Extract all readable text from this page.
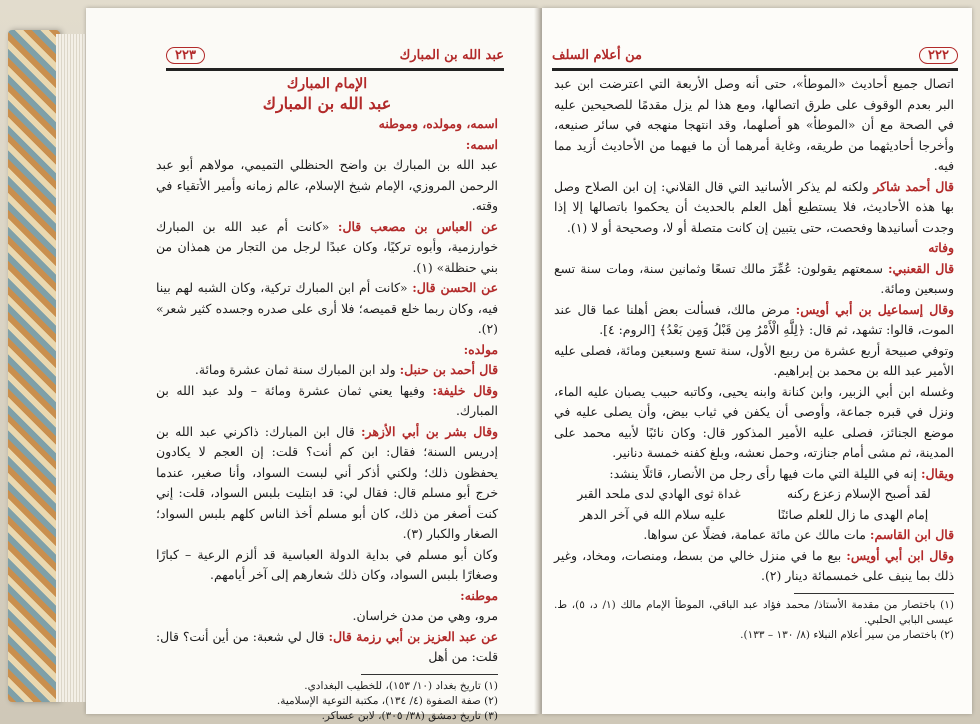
عبد الله بن المبارك
٢٢٣

الإمام المبارك

عبد الله بن المبارك

اسمه، ومولده، وموطنه

اسمه:

عبد الله بن المبارك بن واضح الحنظلي التميمي، مولاهم أبو عبد الرحمن المروزي، الإمام شيخ الإسلام، عالم زمانه وأمير الأتقياء في وقته.

عن العباس بن مصعب قال: «كانت أم عبد الله بن المبارك خوارزمية، وأبوه تركيًا، وكان عبدًا لرجل من التجار من همذان من بني حنظلة» (١).

عن الحسن قال: «كانت أم ابن المبارك تركية، وكان الشبه لهم بينا فيه، وكان ربما خلع قميصه؛ فلا أرى على صدره وجسده كثير شعر» (٢).

مولده:

قال أحمد بن حنبل: ولد ابن المبارك سنة ثمان عشرة ومائة.

وقال خليفة: وفيها يعني ثمان عشرة ومائة – ولد عبد الله بن المبارك.

وقال بشر بن أبي الأزهر: قال ابن المبارك: ذاكرني عبد الله بن إدريس السنة؛ فقال: ابن كم أنت؟ قلت: إن العجم لا يكادون يحفظون ذلك؛ ولكني أذكر أني لبست السواد، وأنا صغير، عندما خرج أبو مسلم قال: فقال لي: قد ابتليت بلبس السواد، قلت: إني كنت أصغر من ذلك، كان أبو مسلم أخذ الناس كلهم بلبس السواد؛ الصغار والكبار (٣).

وكان أبو مسلم في بداية الدولة العباسية قد ألزم الرعية – كبارًا وصغارًا بلبس السواد، وكان ذلك شعارهم إلى آخر أيامهم.

موطنه:

مرو، وهي من مدن خراسان.

عن عبد العزيز بن أبي رزمة قال: قال لي شعبة: من أين أنت؟ قال: قلت: من أهل

(١) تاريخ بغداد (١٠/ ١٥٣)، للخطيب البغدادي.

(٢) صفة الصفوة (٤/ ١٣٤)، مكتبة التوعية الإسلامية.

(٣) تاريخ دمشق (٣٨/ ٣٠٥)، لابن عساكر.

٢٢٢
من أعلام السلف

اتصال جميع أحاديث «الموطأ»، حتى أنه وصل الأربعة التي اعترضت ابن عبد البر بعدم الوقوف على طرق اتصالها، ومع هذا لم يزل مقدمًا للصحيحين عليه في الصحة مع أن «الموطأ» هو أصلهما، وقد انتهجا منهجه في سائر صنيعه، وأخرجا أحاديثهما من طريقه، وغاية أمرهما أن ما فيهما من الأحاديث أزيد مما فيه.

قال أحمد شاكر ولكنه لم يذكر الأسانيد التي قال القلاني: إن ابن الصلاح وصل بها هذه الأحاديث، فلا يستطيع أهل العلم بالحديث أن يحكموا باتصالها إلا إذا وجدت أسانيدها وفحصت، حتى يتبين إن كانت متصلة أو لا، وصحيحة أو لا (١).

وفاته

قال القعنبي: سمعتهم يقولون: عُمِّرَ مالك تسعًا وثمانين سنة، ومات سنة تسع وسبعين ومائة.

وقال إسماعيل بن أبي أويس: مرض مالك، فسألت بعض أهلنا عما قال عند الموت، قالوا: تشهد، ثم قال: ﴿لِلَّهِ الْأَمْرُ مِن قَبْلُ وَمِن بَعْدُ﴾ [الروم: ٤].

وتوفي صبيحة أربع عشرة من ربيع الأول، سنة تسع وسبعين ومائة، فصلى عليه الأمير عبد الله بن محمد بن إبراهيم.

وغسله ابن أبي الزبير، وابن كنانة وابنه يحيى، وكاتبه حبيب يصبان عليه الماء، ونزل في قبره جماعة، وأوصى أن يكفن في ثياب بيض، وأن يصلى عليه في موضع الجنائز، فصلى عليه الأمير المذكور قال: وكان نائبًا لأبيه محمد على المدينة، ثم مشى أمام جنازته، وحمل نعشه، وبلغ كفنه خمسة دنانير.

ويقال: إنه في الليلة التي مات فيها رأى رجل من الأنصار، قائلًا ينشد:

لقد أصبح الإسلام زعزع ركنه
غداة ثوى الهادي لدى ملحد القبر
إمام الهدى ما زال للعلم صائنًا
عليه سلام الله في آخر الدهر

قال ابن القاسم: مات مالك عن مائة عمامة، فضلًا عن سواها.

وقال ابن أبي أويس: بيع ما في منزل خالي من بسط، ومنصات، ومخاد، وغير ذلك بما ينيف على خمسمائة دينار (٢).

(١) باختصار من مقدمة الأستاذ/ محمد فؤاد عبد الباقي، الموطأ الإمام مالك (١/ د، ٥)، ط. عيسى البابي الحلبي.

(٢) باختصار من سير أعلام النبلاء (٨/ ١٣٠ – ١٣٣).
